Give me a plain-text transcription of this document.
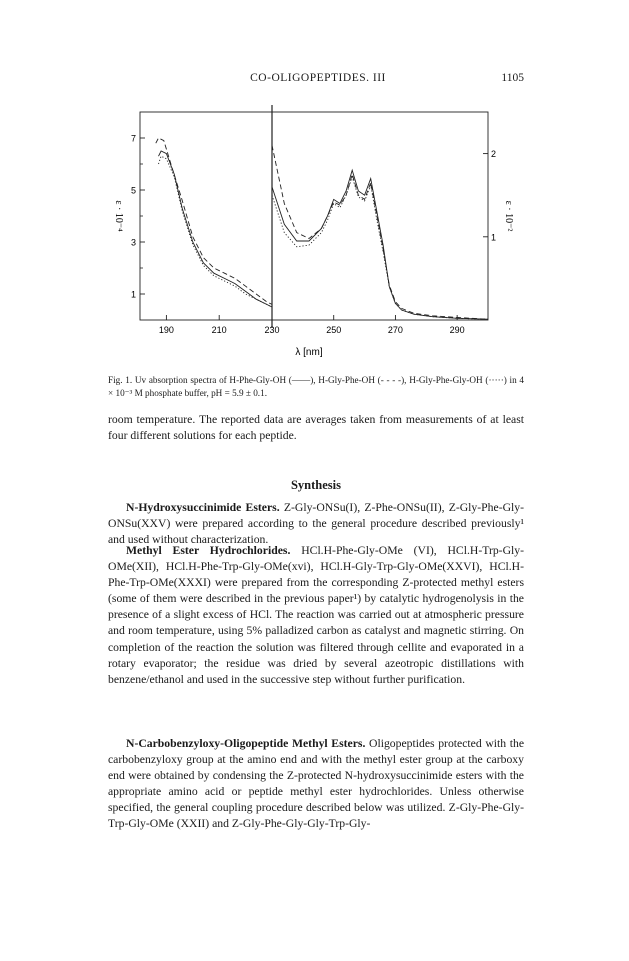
CO-OLIGOPEPTIDES. III	1105
7
5
3
1
2
1
190	210	230	250	270	290
ε · 10⁻⁴	ε · 10⁻²
λ [nm]
Fig. 1. Uv absorption spectra of H-Phe-Gly-OH (——), H-Gly-Phe-OH (- - - -), H-Gly-Phe-Gly-OH (·····) in 4 × 10⁻³ M phosphate buffer, pH = 5.9 ± 0.1.

room temperature. The reported data are averages taken from measurements of at least four different solutions for each peptide.

Synthesis

N-Hydroxysuccinimide Esters. Z-Gly-ONSu(I), Z-Phe-ONSu(II), Z-Gly-Phe-Gly-ONSu(XXV) were prepared according to the general procedure described previously¹ and used without characterization.

Methyl Ester Hydrochlorides. HCl.H-Phe-Gly-OMe (VI), HCl.H-Trp-Gly-OMe(XII), HCl.H-Phe-Trp-Gly-OMe(xvi), HCl.H-Gly-Trp-Gly-OMe(XXVI), HCl.H-Phe-Trp-OMe(XXXI) were prepared from the corresponding Z-protected methyl esters (some of them were described in the previous paper¹) by catalytic hydrogenolysis in the presence of a slight excess of HCl. The reaction was carried out at atmospheric pressure and room temperature, using 5% palladized carbon as catalyst and magnetic stirring. On completion of the reaction the solution was filtered through cellite and evaporated in a rotary evaporator; the residue was dried by several azeotropic distillations with benzene/ethanol and used in the successive step without further purification.

N-Carbobenzyloxy-Oligopeptide Methyl Esters. Oligopeptides protected with the carbobenzyloxy group at the amino end and with the methyl ester group at the carboxy end were obtained by condensing the Z-protected N-hydroxysuccinimide esters with the appropriate amino acid or peptide methyl ester hydrochlorides. Unless otherwise specified, the general coupling procedure described below was utilized. Z-Gly-Phe-Gly-Trp-Gly-OMe (XXII) and Z-Gly-Phe-Gly-Gly-Trp-Gly-
